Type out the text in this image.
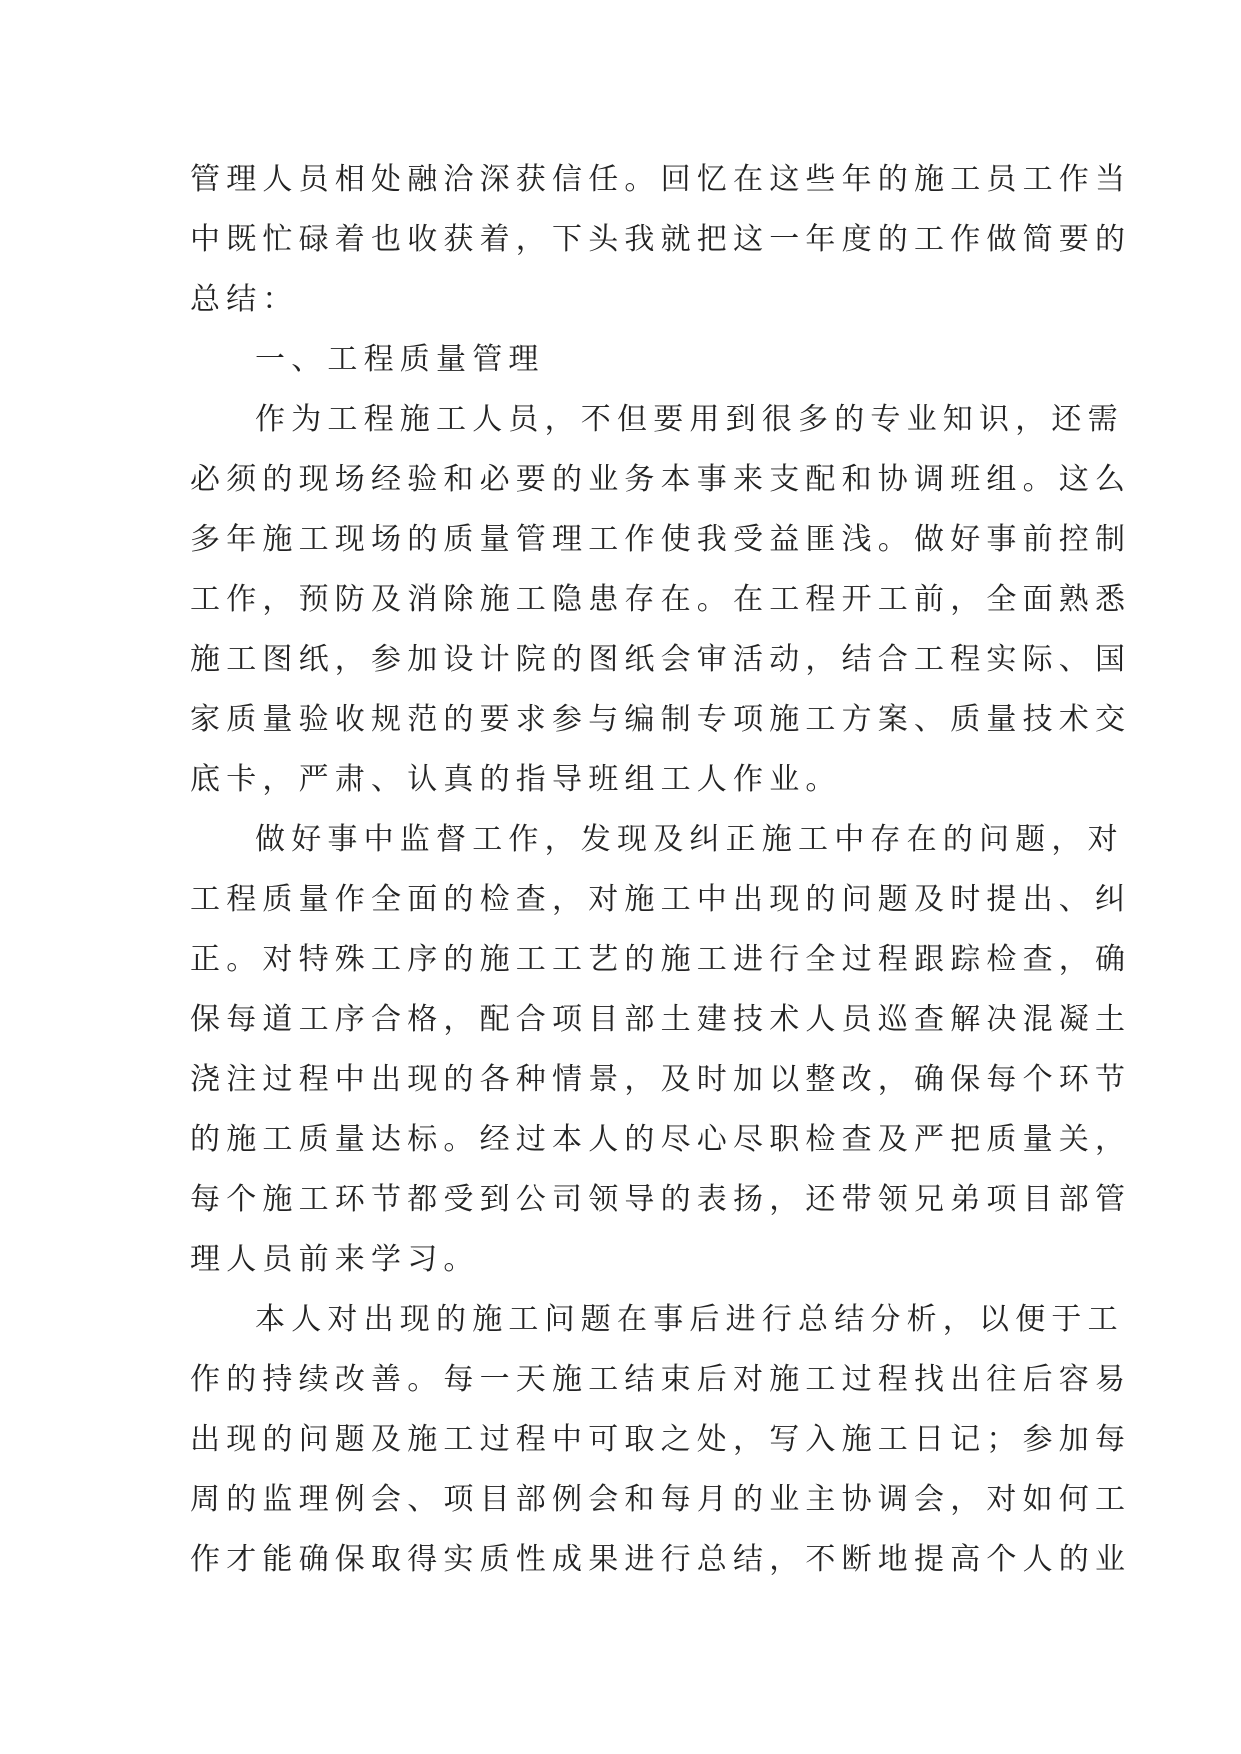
管理人员相处融洽深获信任。回忆在这些年的施工员工作当
中既忙碌着也收获着，下头我就把这一年度的工作做简要的
总结：
一、工程质量管理
作为工程施工人员，不但要用到很多的专业知识，还需
必须的现场经验和必要的业务本事来支配和协调班组。这么
多年施工现场的质量管理工作使我受益匪浅。做好事前控制
工作，预防及消除施工隐患存在。在工程开工前，全面熟悉
施工图纸，参加设计院的图纸会审活动，结合工程实际、国
家质量验收规范的要求参与编制专项施工方案、质量技术交
底卡，严肃、认真的指导班组工人作业。
做好事中监督工作，发现及纠正施工中存在的问题，对
工程质量作全面的检查，对施工中出现的问题及时提出、纠
正。对特殊工序的施工工艺的施工进行全过程跟踪检查，确
保每道工序合格，配合项目部土建技术人员巡查解决混凝土
浇注过程中出现的各种情景，及时加以整改，确保每个环节
的施工质量达标。经过本人的尽心尽职检查及严把质量关，
每个施工环节都受到公司领导的表扬，还带领兄弟项目部管
理人员前来学习。
本人对出现的施工问题在事后进行总结分析，以便于工
作的持续改善。每一天施工结束后对施工过程找出往后容易
出现的问题及施工过程中可取之处，写入施工日记；参加每
周的监理例会、项目部例会和每月的业主协调会，对如何工
作才能确保取得实质性成果进行总结，不断地提高个人的业
